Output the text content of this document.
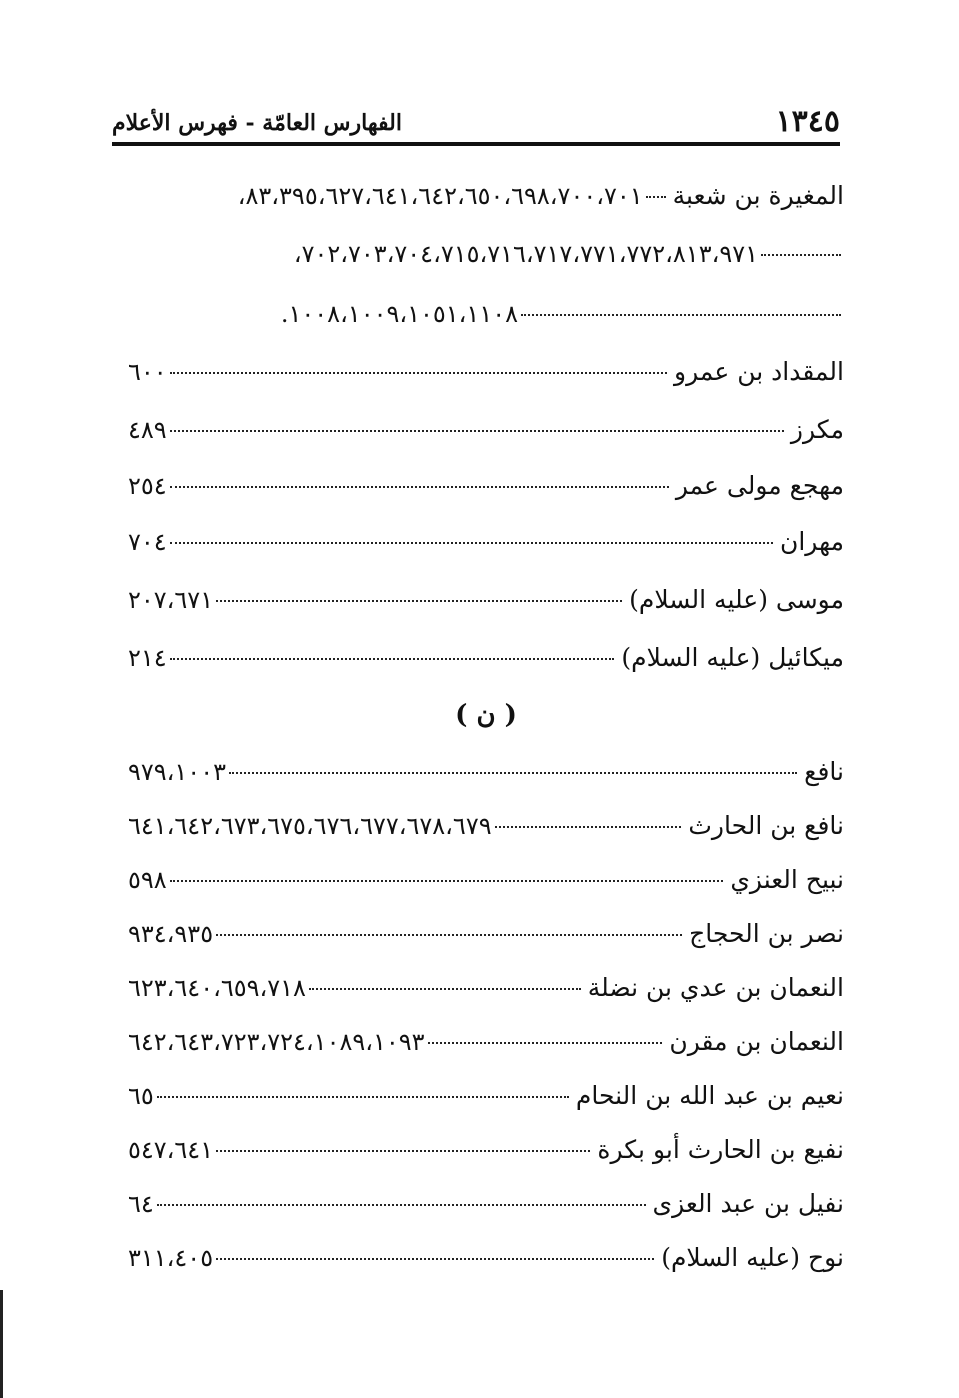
١٣٤٥
الفهارس العامّة - فهرس الأعلام
المغيرة بن شعبة
٨٣،٣٩٥،٦٢٧،٦٤١،٦٤٢،٦٥٠،٦٩٨،٧٠٠،٧٠١،
٧٠٢،٧٠٣،٧٠٤،٧١٥،٧١٦،٧١٧،٧٧١،٧٧٢،٨١٣،٩٧١،
١٠٠٨،١٠٠٩،١٠٥١،١١٠٨.
المقداد بن عمرو
٦٠٠
مكرز
٤٨٩
مهجع مولى عمر
٢٥٤
مهران
٧٠٤
موسى (عليه السلام)
٢٠٧،٦٧١
ميكائيل (عليه السلام)
٢١٤
( ن )
نافع
٩٧٩،١٠٠٣
نافع بن الحارث
٦٤١،٦٤٢،٦٧٣،٦٧٥،٦٧٦،٦٧٧،٦٧٨،٦٧٩
نبيح العنزي
٥٩٨
نصر بن الحجاج
٩٣٤،٩٣٥
النعمان بن عدي بن نضلة
٦٢٣،٦٤٠،٦٥٩،٧١٨
النعمان بن مقرن
٦٤٢،٦٤٣،٧٢٣،٧٢٤،١٠٨٩،١٠٩٣
نعيم بن عبد الله بن النحام
٦٥
نفيع بن الحارث أبو بكرة
٥٤٧،٦٤١
نفيل بن عبد العزى
٦٤
نوح (عليه السلام)
٣١١،٤٠٥
